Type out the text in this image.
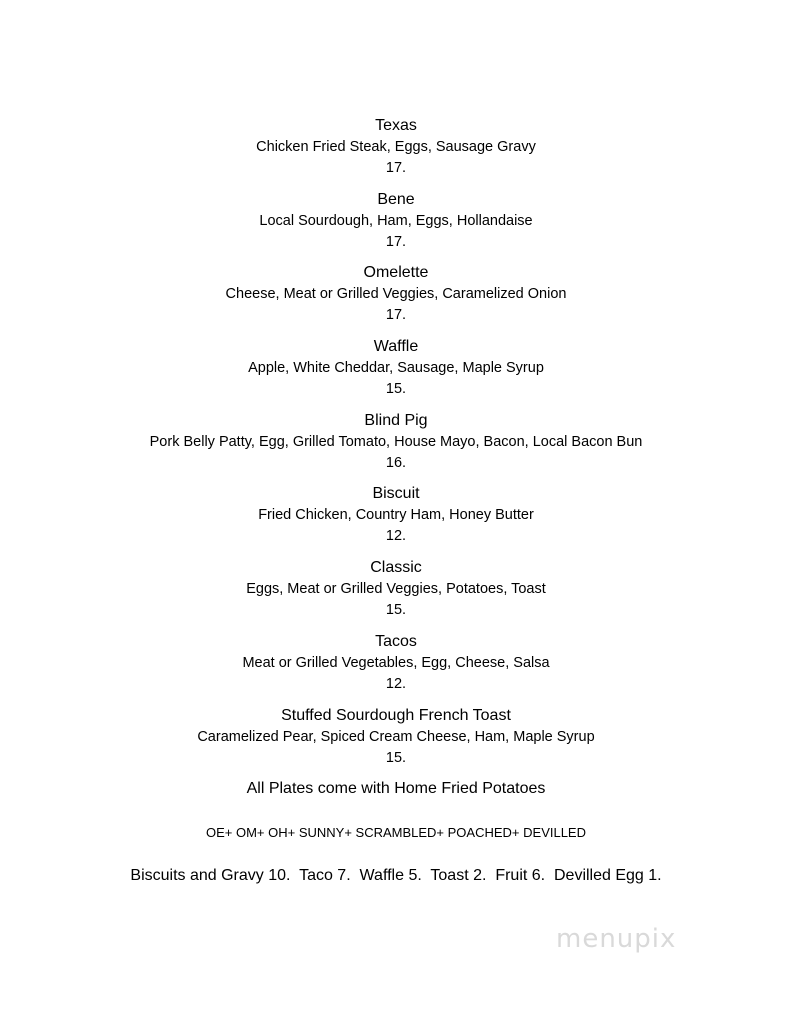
Texas
Chicken Fried Steak, Eggs, Sausage Gravy
17.
Bene
Local Sourdough, Ham, Eggs, Hollandaise
17.
Omelette
Cheese, Meat or Grilled Veggies, Caramelized Onion
17.
Waffle
Apple, White Cheddar, Sausage, Maple Syrup
15.
Blind Pig
Pork Belly Patty, Egg, Grilled Tomato, House Mayo, Bacon, Local Bacon Bun
16.
Biscuit
Fried Chicken, Country Ham, Honey Butter
12.
Classic
Eggs, Meat or Grilled Veggies, Potatoes, Toast
15.
Tacos
Meat or Grilled Vegetables, Egg, Cheese, Salsa
12.
Stuffed Sourdough French Toast
Caramelized Pear, Spiced Cream Cheese, Ham, Maple Syrup
15.
All Plates come with Home Fried Potatoes
OE+ OM+ OH+ SUNNY+ SCRAMBLED+ POACHED+ DEVILLED
Biscuits and Gravy 10.  Taco 7.  Waffle 5.  Toast 2.  Fruit 6.  Devilled Egg 1.
menupix
